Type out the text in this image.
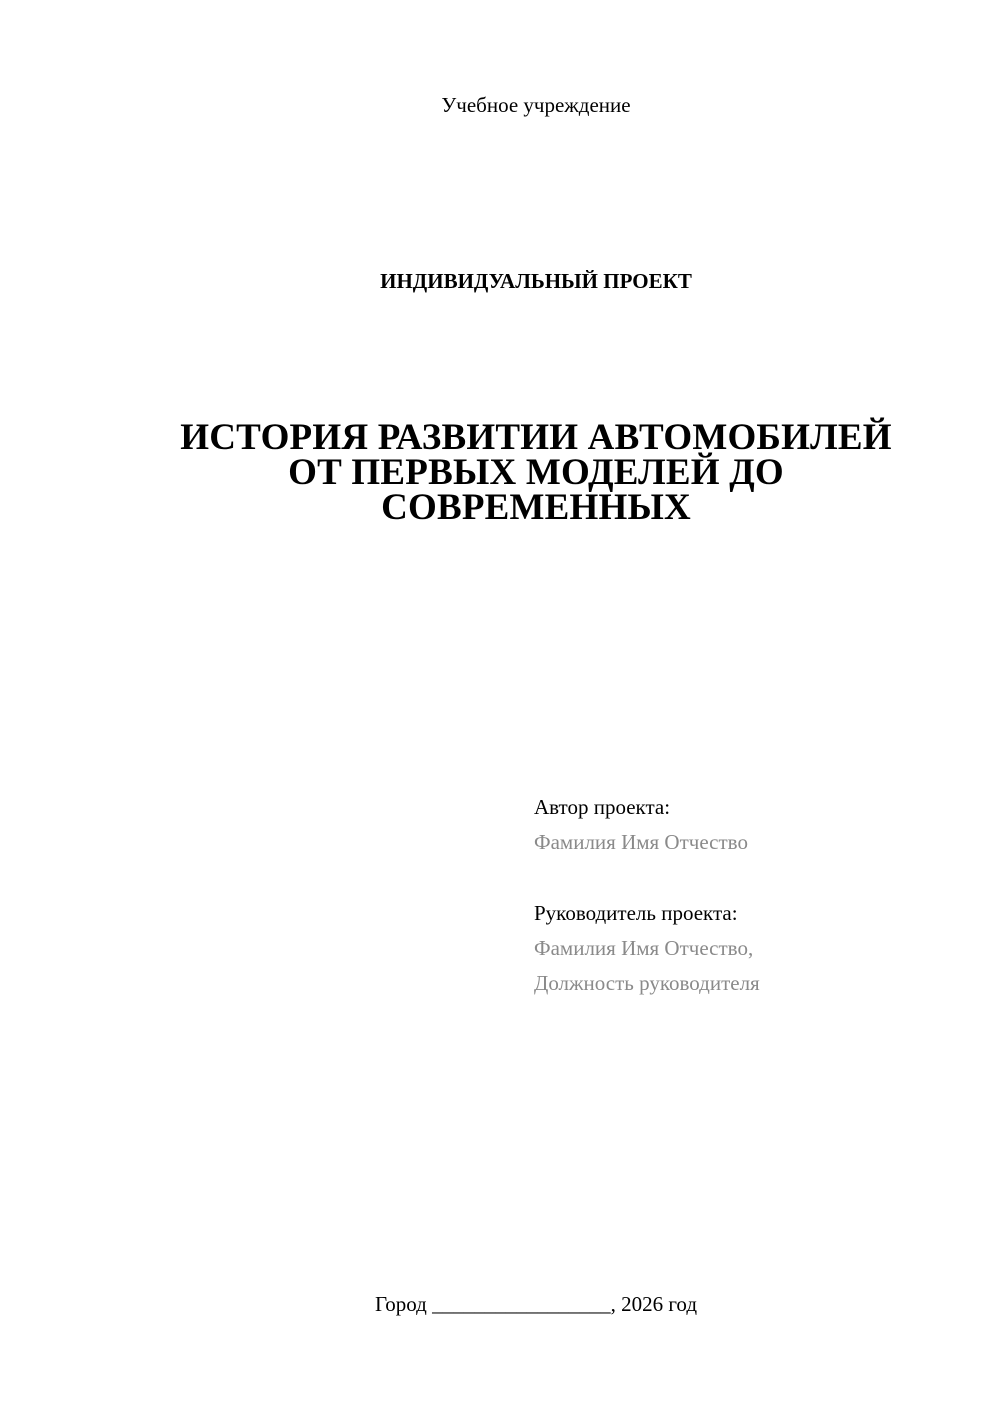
Учебное учреждение
ИНДИВИДУАЛЬНЫЙ ПРОЕКТ
ИСТОРИЯ РАЗВИТИИ АВТОМОБИЛЕЙ
ОТ ПЕРВЫХ МОДЕЛЕЙ ДО
СОВРЕМЕННЫХ
Автор проекта:
Фамилия Имя Отчество
Руководитель проекта:
Фамилия Имя Отчество,
Должность руководителя
Город _________________, 2026 год
